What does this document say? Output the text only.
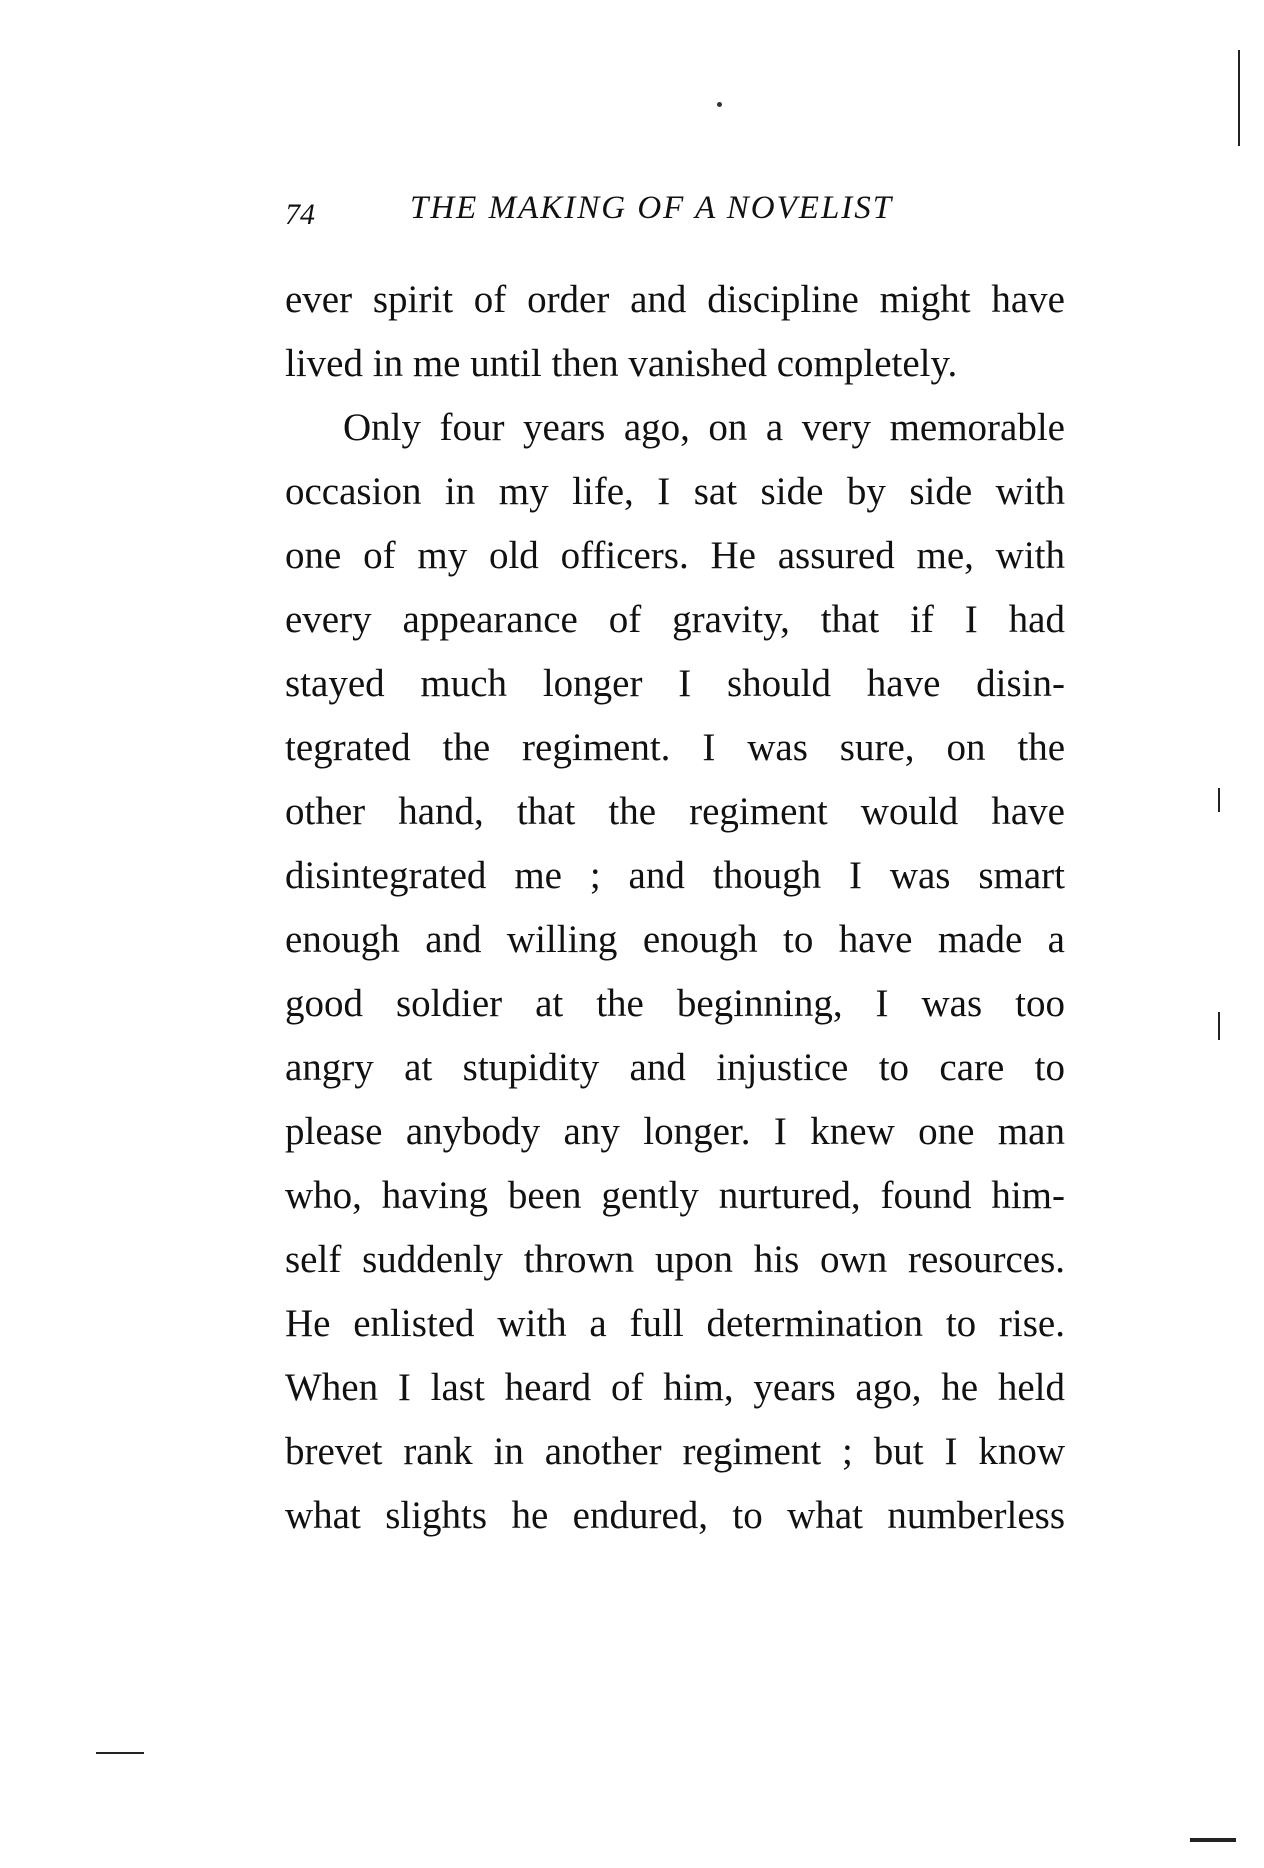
74	THE MAKING OF A NOVELIST
ever spirit of order and discipline might have
lived in me until then vanished completely.
Only four years ago, on a very memorable
occasion in my life, I sat side by side with
one of my old officers. He assured me, with
every appearance of gravity, that if I had
stayed much longer I should have disin-
tegrated the regiment. I was sure, on the
other hand, that the regiment would have
disintegrated me ; and though I was smart
enough and willing enough to have made a
good soldier at the beginning, I was too
angry at stupidity and injustice to care to
please anybody any longer. I knew one man
who, having been gently nurtured, found him-
self suddenly thrown upon his own resources.
He enlisted with a full determination to rise.
When I last heard of him, years ago, he held
brevet rank in another regiment ; but I know
what slights he endured, to what numberless
